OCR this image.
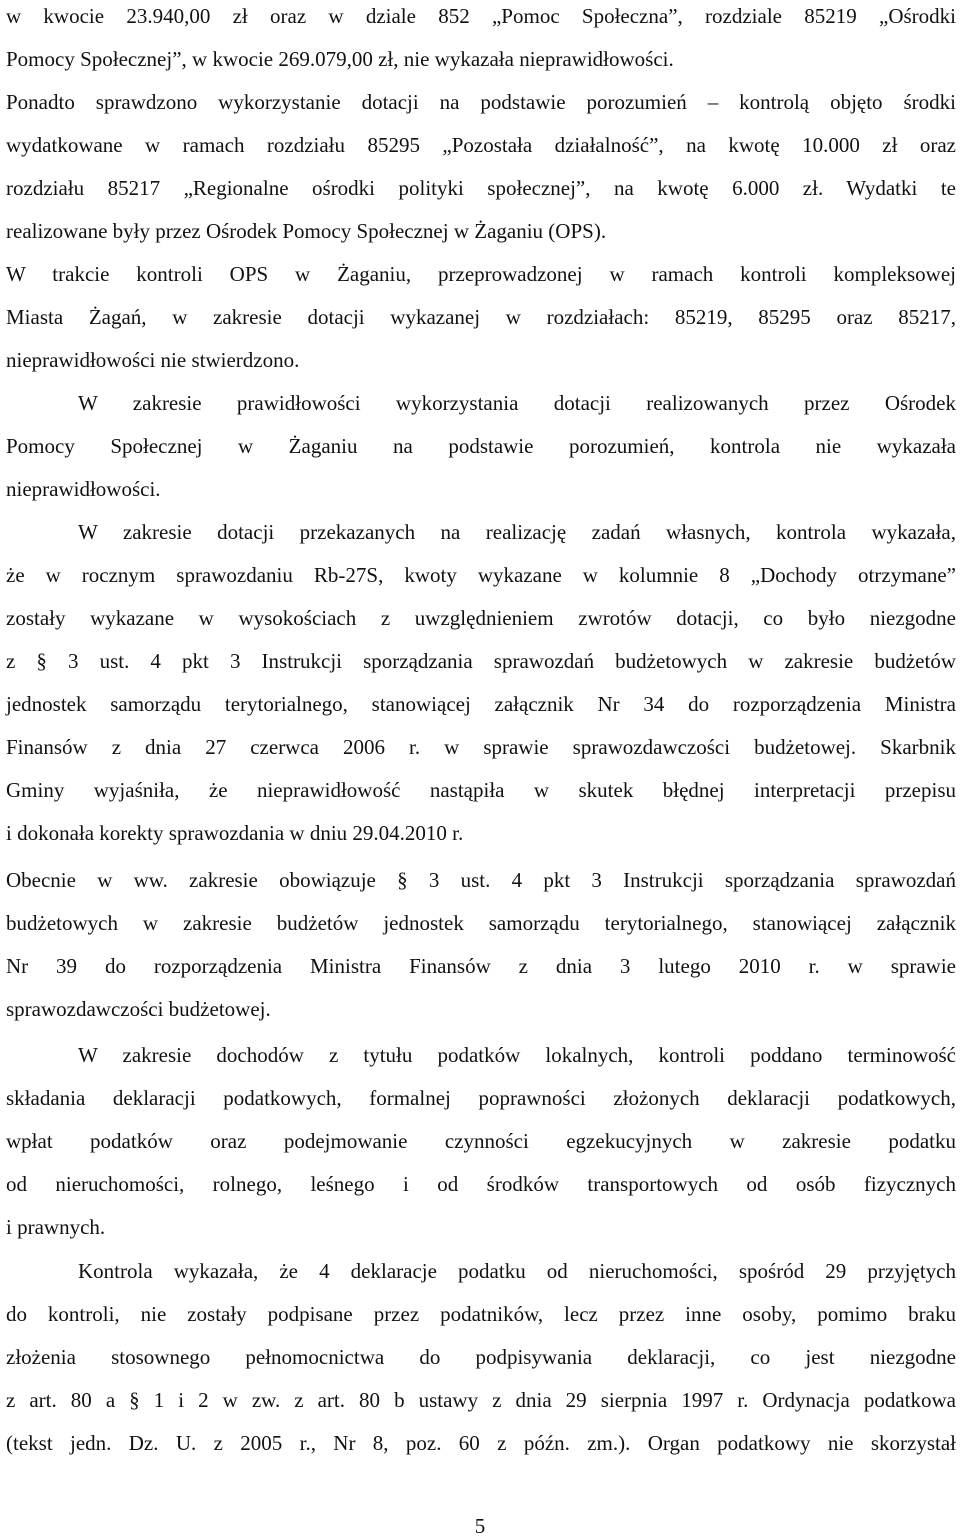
w kwocie 23.940,00 zł oraz w dziale 852 „Pomoc Społeczna”, rozdziale 85219 „Ośrodki
Pomocy Społecznej”, w kwocie 269.079,00 zł, nie wykazała nieprawidłowości.
Ponadto sprawdzono wykorzystanie dotacji na podstawie porozumień – kontrolą objęto środki
wydatkowane w ramach rozdziału 85295 „Pozostała działalność”, na kwotę 10.000 zł oraz
rozdziału 85217 „Regionalne ośrodki polityki społecznej”, na kwotę 6.000 zł. Wydatki te
realizowane były przez Ośrodek Pomocy Społecznej w Żaganiu (OPS).
W trakcie kontroli OPS w Żaganiu, przeprowadzonej w ramach kontroli kompleksowej
Miasta Żagań, w zakresie dotacji wykazanej w rozdziałach: 85219, 85295 oraz 85217,
nieprawidłowości nie stwierdzono.
W zakresie prawidłowości wykorzystania dotacji realizowanych przez Ośrodek
Pomocy Społecznej w Żaganiu na podstawie porozumień, kontrola nie wykazała
nieprawidłowości.
W zakresie dotacji przekazanych na realizację zadań własnych, kontrola wykazała,
że w rocznym sprawozdaniu Rb-27S, kwoty wykazane w kolumnie 8 „Dochody otrzymane”
zostały wykazane w wysokościach z uwzględnieniem zwrotów dotacji, co było niezgodne
z § 3 ust. 4 pkt 3 Instrukcji sporządzania sprawozdań budżetowych w zakresie budżetów
jednostek samorządu terytorialnego, stanowiącej załącznik Nr 34 do rozporządzenia Ministra
Finansów z dnia 27 czerwca 2006 r. w sprawie sprawozdawczości budżetowej. Skarbnik
Gminy wyjaśniła, że nieprawidłowość nastąpiła w skutek błędnej interpretacji przepisu
i dokonała korekty sprawozdania w dniu 29.04.2010 r.
Obecnie w ww. zakresie obowiązuje § 3 ust. 4 pkt 3 Instrukcji sporządzania sprawozdań
budżetowych w zakresie budżetów jednostek samorządu terytorialnego, stanowiącej załącznik
Nr 39 do rozporządzenia Ministra Finansów z dnia 3 lutego 2010 r. w sprawie
sprawozdawczości budżetowej.
W zakresie dochodów z tytułu podatków lokalnych, kontroli poddano terminowość
składania deklaracji podatkowych, formalnej poprawności złożonych deklaracji podatkowych,
wpłat podatków oraz podejmowanie czynności egzekucyjnych w zakresie podatku
od nieruchomości, rolnego, leśnego i od środków transportowych od osób fizycznych
i prawnych.
Kontrola wykazała, że 4 deklaracje podatku od nieruchomości, spośród 29 przyjętych
do kontroli, nie zostały podpisane przez podatników, lecz przez inne osoby, pomimo braku
złożenia stosownego pełnomocnictwa do podpisywania deklaracji, co jest niezgodne
z art. 80 a § 1 i 2 w zw. z art. 80 b ustawy z dnia 29 sierpnia 1997 r. Ordynacja podatkowa
(tekst jedn. Dz. U. z 2005 r., Nr 8, poz. 60 z późn. zm.). Organ podatkowy nie skorzystał
5
